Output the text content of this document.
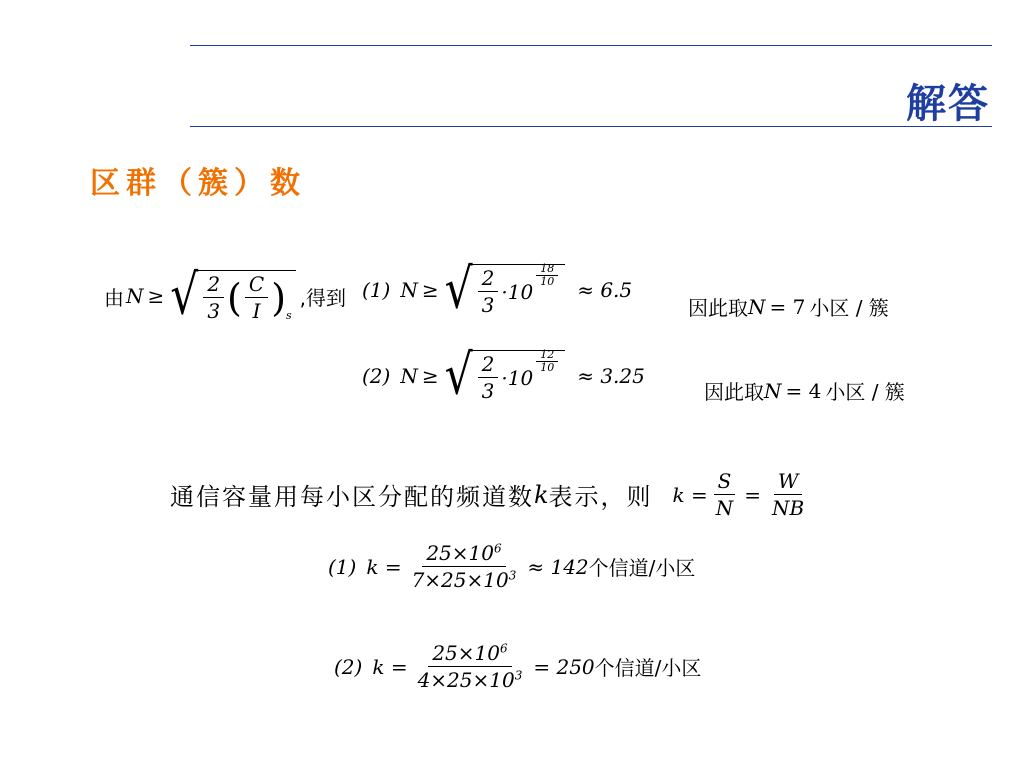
解答
区群（簇）数
由 N ≥ √ 2
3 ( C
I ) s
,得到 (1) N ≥ √ 2
3
·10
18
10 ≈ 6.5
因此取 N = 7 小区 / 簇
(2) N ≥ √ 2
3
·10
12
10 ≈ 3.25
因此取 N = 4 小区 / 簇
通信容量用每小区分配的频道数 k 表示，则 $k = \frac{S}{N} = \frac{W}{NB}$
(1) $k = \frac{25\times 10^6}{7\times 25\times 10^3} \approx 142$ 个信道/小区
(2) $k = \frac{25\times 10^6}{4\times 25\times 10^3} = 250$ 个信道/小区
